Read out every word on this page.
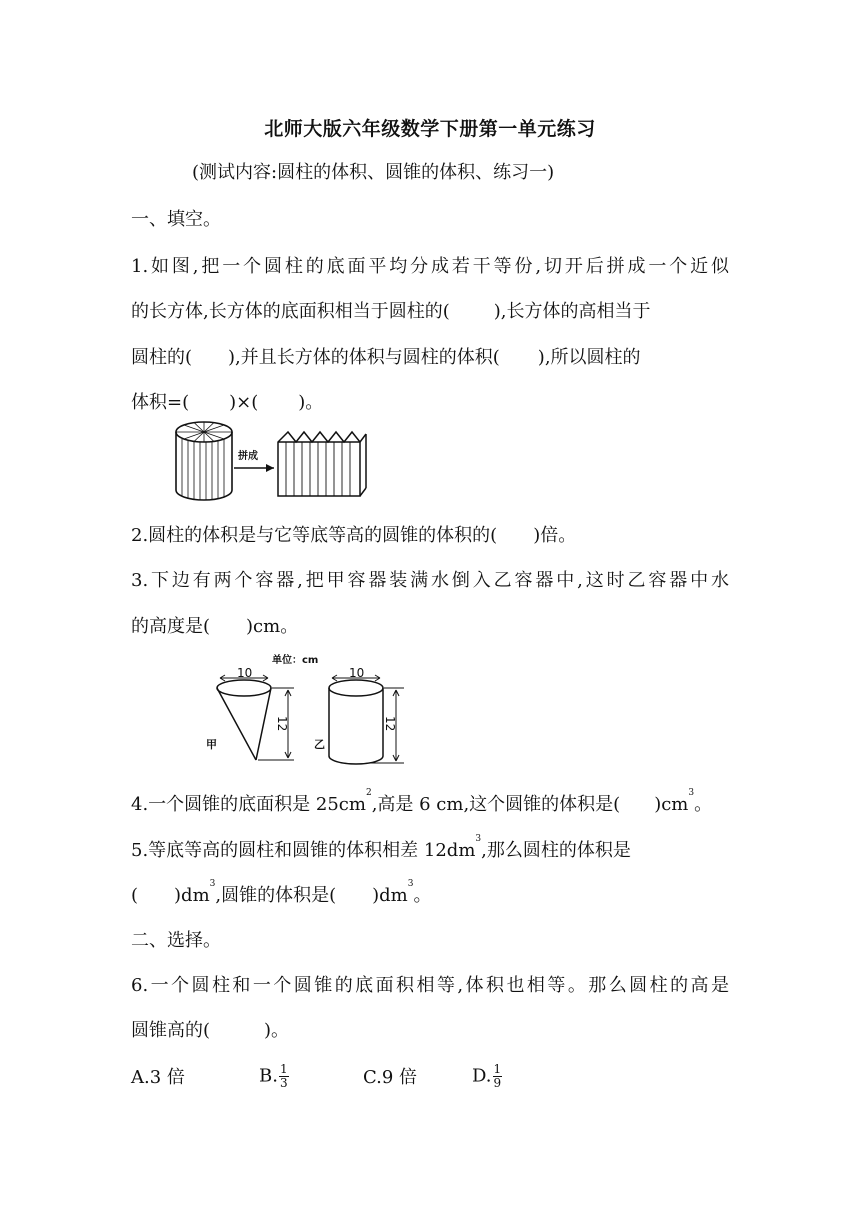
北师大版六年级数学下册第一单元练习
(测试内容:圆柱的体积、圆锥的体积、练习一)
一、填空。
1.如图,把一个圆柱的底面平均分成若干等份,切开后拼成一个近似
的长方体,长方体的底面积相当于圆柱的( ),长方体的高相当于
圆柱的( ),并且长方体的体积与圆柱的体积( ),所以圆柱的
体积=( )×( )。
拼成
2.圆柱的体积是与它等底等高的圆锥的体积的( )倍。
3.下边有两个容器,把甲容器装满水倒入乙容器中,这时乙容器中水
的高度是( )cm。
单位：cm
10
12
甲
10
12
乙
4.一个圆锥的底面积是 $25cm^2$,高是 6 cm,这个圆锥的体积是( )$cm^3$。
5.等底等高的圆柱和圆锥的体积相差 $12dm^3$,那么圆柱的体积是
( )$dm^3$,圆锥的体积是( )$dm^3$。
二、选择。
6.一个圆柱和一个圆锥的底面积相等,体积也相等。那么圆柱的高是
圆锥高的(	)。
A.3 倍	B. $\frac{1}{3}$	C.9 倍	D. $\frac{1}{9}$
